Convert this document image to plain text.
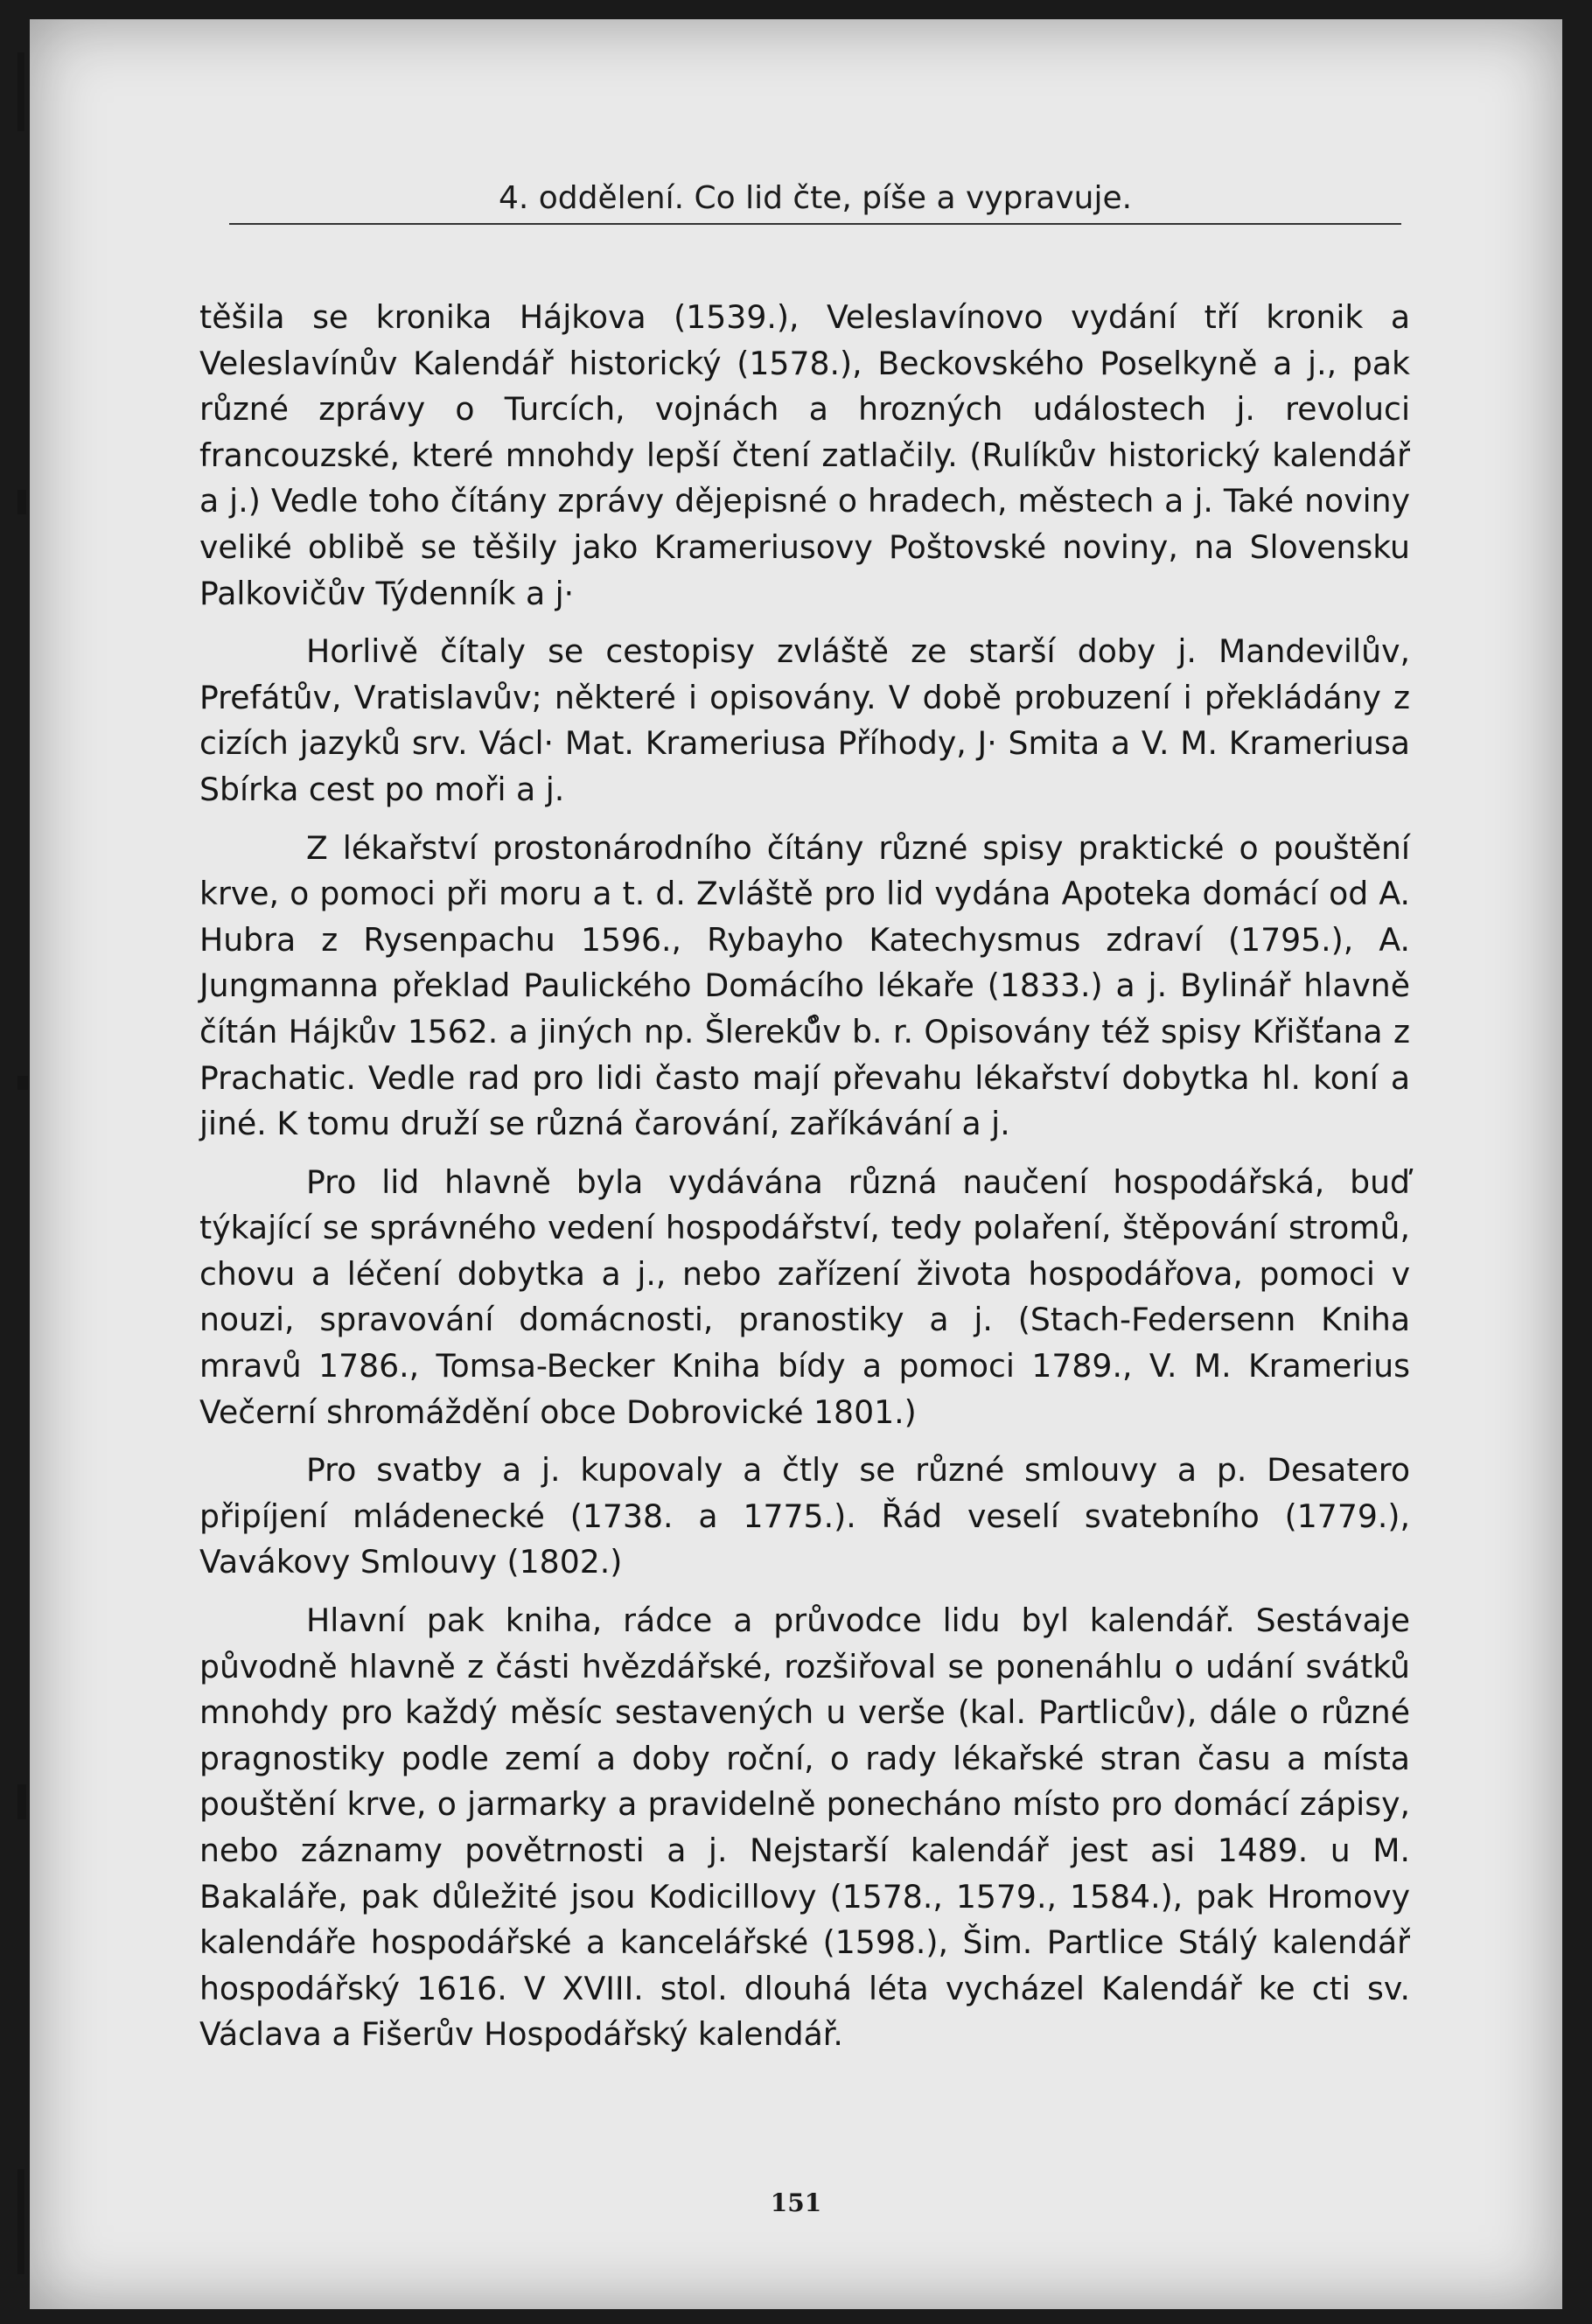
4. oddělení. Co lid čte, píše a vypravuje.

těšila se kronika Hájkova (1539.), Veleslavínovo vydání tří kronik a Veleslavínův Kalendář historický (1578.), Beckovského Poselkyně a j., pak různé zprávy o Turcích, vojnách a hrozných událostech j. revoluci francouzské, které mnohdy lepší čtení zatlačily. (Rulíkův historický kalendář a j.) Vedle toho čítány zprávy dějepisné o hradech, městech a j. Také noviny veliké oblibě se těšily jako Krameriusovy Poštovské noviny, na Slovensku Palkovičův Týdenník a j·

Horlivě čítaly se cestopisy zvláště ze starší doby j. Mandevilův, Prefátův, Vratislavův; některé i opisovány. V době probuzení i překládány z cizích jazyků srv. Václ· Mat. Krameriusa Příhody, J· Smita a V. M. Krameriusa Sbírka cest po moři a j.

Z lékařství prostonárodního čítány různé spisy praktické o pouštění krve, o pomoci při moru a t. d. Zvláště pro lid vydána Apoteka domácí od A. Hubra z Rysenpachu 1596., Rybayho Katechysmus zdraví (1795.), A. Jungmanna překlad Paulického Domácího lékaře (1833.) a j. Bylinář hlavně čítán Hájkův 1562. a jiných np. Šlereků̊v b. r. Opisovány též spisy Křišťana z Prachatic. Vedle rad pro lidi často mají převahu lékařství dobytka hl. koní a jiné. K tomu druží se různá čarování, zaříkávání a j.

Pro lid hlavně byla vydávána různá naučení hospodářská, buď týkající se správného vedení hospodářství, tedy polaření, štěpování stromů, chovu a léčení dobytka a j., nebo zařízení života hospodářova, pomoci v nouzi, spravování domácnosti, pranostiky a j. (Stach-Federsenn Kniha mravů 1786., Tomsa-Becker Kniha bídy a pomoci 1789., V. M. Kramerius Večerní shromáždění obce Dobrovické 1801.)

Pro svatby a j. kupovaly a čtly se různé smlouvy a p. Desatero připíjení mládenecké (1738. a 1775.). Řád veselí svatebního (1779.), Vavákovy Smlouvy (1802.)

Hlavní pak kniha, rádce a průvodce lidu byl kalendář. Sestávaje původně hlavně z části hvězdářské, rozšiřoval se ponenáhlu o udání svátků mnohdy pro každý měsíc sestavených u verše (kal. Partlicův), dále o různé pragnostiky podle zemí a doby roční, o rady lékařské stran času a místa pouštění krve, o jarmarky a pravidelně ponecháno místo pro domácí zápisy, nebo záznamy povětrnosti a j. Nejstarší kalendář jest asi 1489. u M. Bakaláře, pak důležité jsou Kodicillovy (1578., 1579., 1584.), pak Hromovy kalendáře hospodářské a kancelářské (1598.), Šim. Partlice Stálý kalendář hospodářský 1616. V XVIII. stol. dlouhá léta vycházel Kalendář ke cti sv. Václava a Fišerův Hospodářský kalendář.

151
